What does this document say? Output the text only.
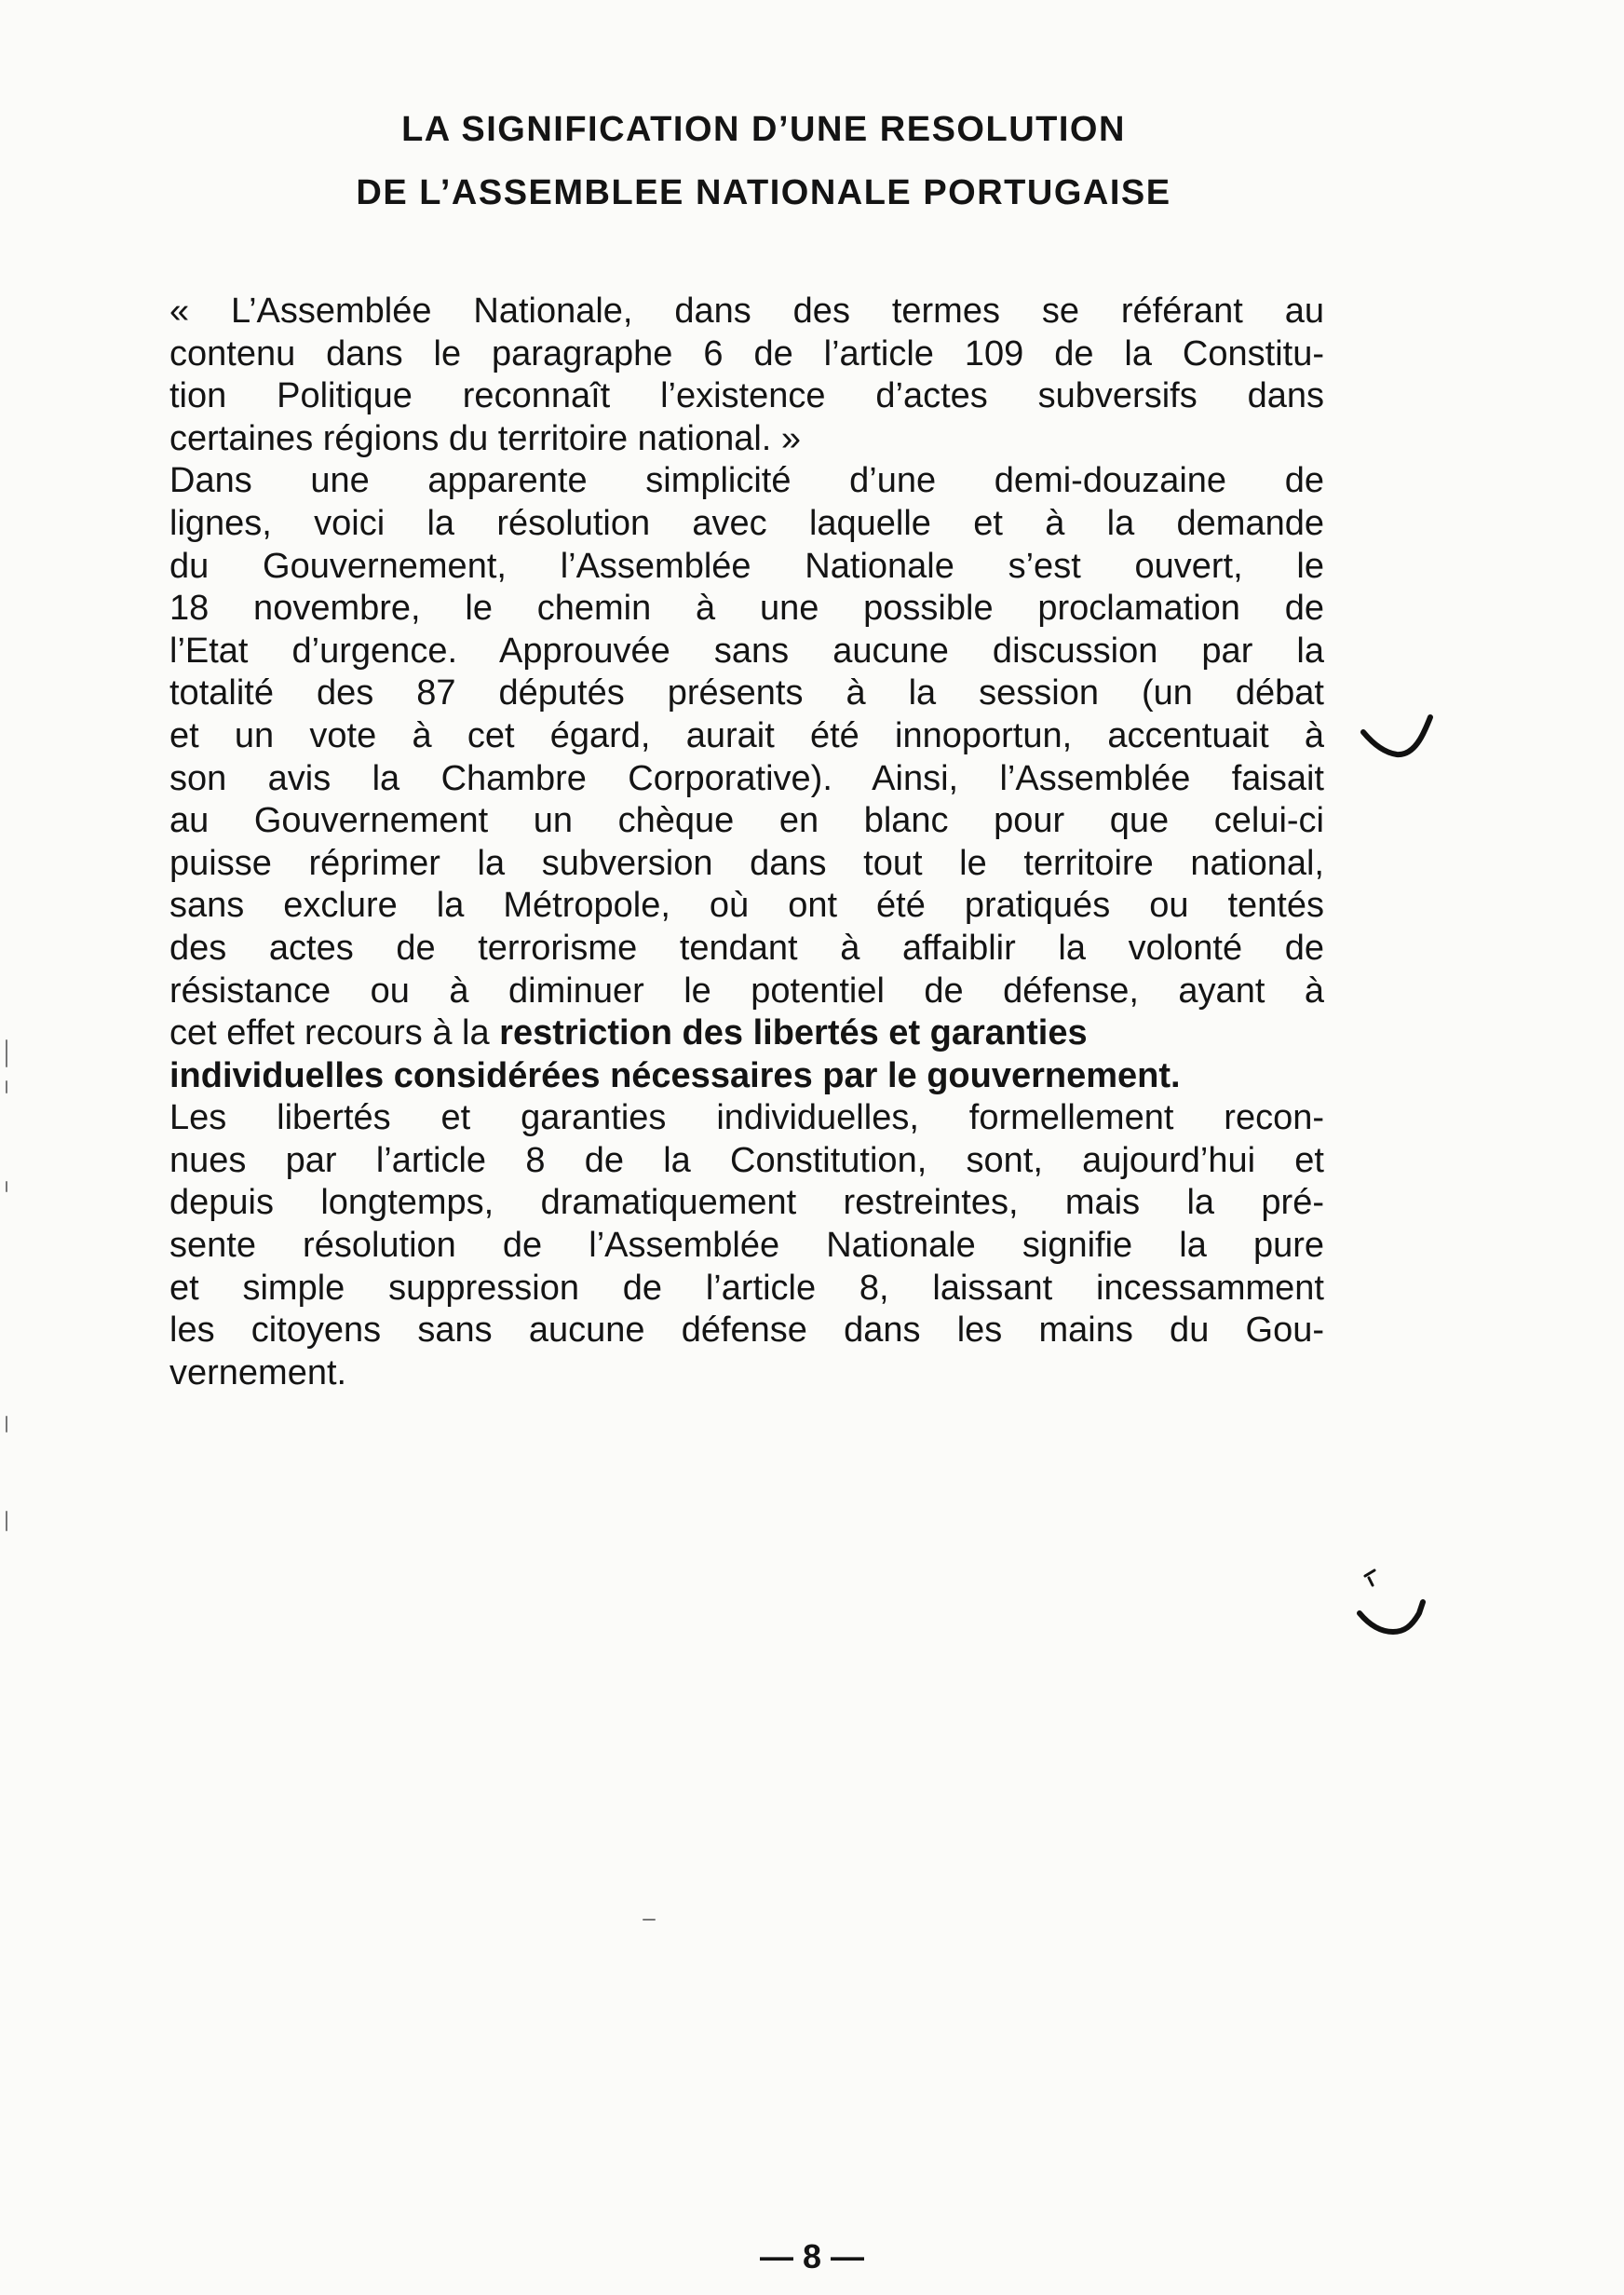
LA SIGNIFICATION D’UNE RESOLUTION
DE L’ASSEMBLEE NATIONALE PORTUGAISE
« L’Assemblée Nationale, dans des termes se référant au
contenu dans le paragraphe 6 de l’article 109 de la Constitu-
tion Politique reconnaît l’existence d’actes subversifs dans
certaines régions du territoire national. »
Dans une apparente simplicité d’une demi-douzaine de
lignes, voici la résolution avec laquelle et à la demande
du Gouvernement, l’Assemblée Nationale s’est ouvert, le
18 novembre, le chemin à une possible proclamation de
l’Etat d’urgence. Approuvée sans aucune discussion par la
totalité des 87 députés présents à la session (un débat
et un vote à cet égard, aurait été innoportun, accentuait à
son avis la Chambre Corporative). Ainsi, l’Assemblée faisait
au Gouvernement un chèque en blanc pour que celui-ci
puisse réprimer la subversion dans tout le territoire national,
sans exclure la Métropole, où ont été pratiqués ou tentés
des actes de terrorisme tendant à affaiblir la volonté de
résistance ou à diminuer le potentiel de défense, ayant à
cet effet recours à la restriction des libertés et garanties
individuelles considérées nécessaires par le gouvernement.
Les libertés et garanties individuelles, formellement recon-
nues par l’article 8 de la Constitution, sont, aujourd’hui et
depuis longtemps, dramatiquement restreintes, mais la pré-
sente résolution de l’Assemblée Nationale signifie la pure
et simple suppression de l’article 8, laissant incessamment
les citoyens sans aucune défense dans les mains du Gou-
vernement.
— 8 —
